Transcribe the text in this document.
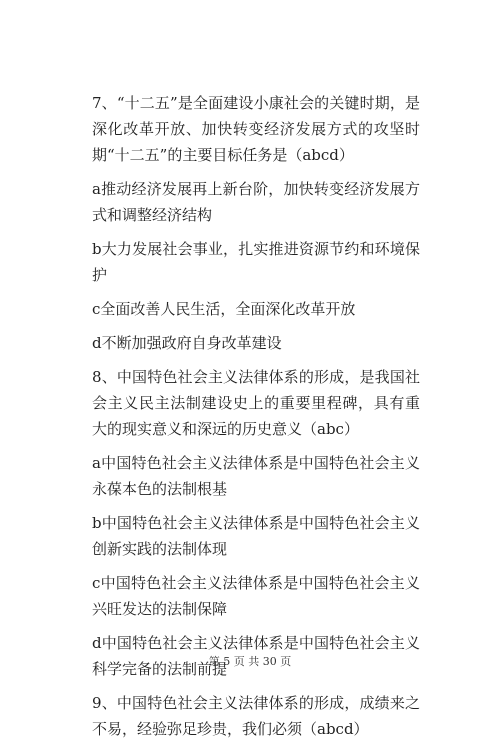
7、“十二五”是全面建设小康社会的关键时期，是深化改革开放、加快转变经济发展方式的攻坚时期“十二五”的主要目标任务是（abcd）

a推动经济发展再上新台阶，加快转变经济发展方式和调整经济结构

b大力发展社会事业，扎实推进资源节约和环境保护

c全面改善人民生活，全面深化改革开放

d不断加强政府自身改革建设

8、中国特色社会主义法律体系的形成，是我国社会主义民主法制建设史上的重要里程碑，具有重大的现实意义和深远的历史意义（abc）

a中国特色社会主义法律体系是中国特色社会主义永葆本色的法制根基

b中国特色社会主义法律体系是中国特色社会主义创新实践的法制体现

c中国特色社会主义法律体系是中国特色社会主义兴旺发达的法制保障

d中国特色社会主义法律体系是中国特色社会主义科学完备的法制前提

9、中国特色社会主义法律体系的形成，成绩来之不易，经验弥足珍贵，我们必须（abcd）

第 5 页 共 30 页
